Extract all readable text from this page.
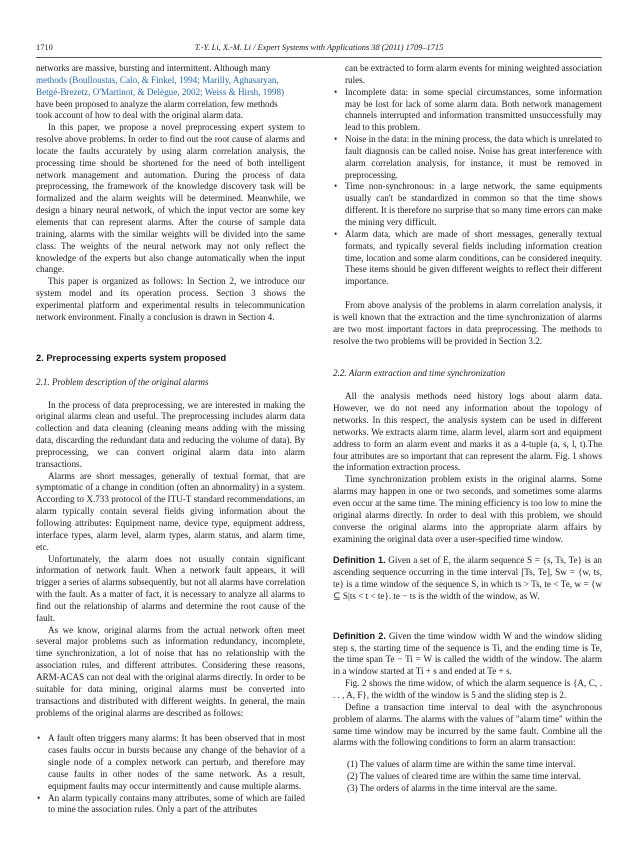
1710	T.-Y. Li, X.-M. Li / Expert Systems with Applications 38 (2011) 1709–1715

networks are massive, bursting and intermittent. Although many
methods (Boulloustas, Calo, & Finkel, 1994; Marilly, Aghasaryan,
Betgé-Brezetz, O'Martinot, & Delègue, 2002; Weiss & Hirsh, 1998)
have been proposed to analyze the alarm correlation, few methods
took account of how to deal with the original alarm data.

In this paper, we propose a novel preprocessing expert system to resolve above problems. In order to find out the root cause of alarms and locate the faults accurately by using alarm correlation analysis, the processing time should be shortened for the need of both intelligent network management and automation. During the process of data preprocessing, the framework of the knowledge discovery task will be formalized and the alarm weights will be determined. Meanwhile, we design a binary neural network, of which the input vector are some key elements that can represent alarms. After the course of sample data training, alarms with the similar weights will be divided into the same class. The weights of the neural network may not only reflect the knowledge of the experts but also change automatically when the input change.

This paper is organized as follows: In Section 2, we introduce our system model and its operation process. Section 3 shows the experimental platform and experimental results in telecommunication network environment. Finally a conclusion is drawn in Section 4.

2. Preprocessing experts system proposed
2.1. Problem description of the original alarms

In the process of data preprocessing, we are interested in making the original alarms clean and useful. The preprocessing includes alarm data collection and data cleaning (cleaning means adding with the missing data, discarding the redundant data and reducing the volume of data). By preprocessing, we can convert original alarm data into alarm transactions.

Alarms are short messages, generally of textual format, that are symptomatic of a change in condition (often an abnormality) in a system. According to X.733 protocol of the ITU-T standard recommendations, an alarm typically contain several fields giving information about the following attributes: Equipment name, device type, equipment address, interface types, alarm level, alarm types, alarm status, and alarm time, etc.

Unfortunately, the alarm does not usually contain significant information of network fault. When a network fault appears, it will trigger a series of alarms subsequently, but not all alarms have correlation with the fault. As a matter of fact, it is necessary to analyze all alarms to find out the relationship of alarms and determine the root cause of the fault.

As we know, original alarms from the actual network often meet several major problems such as information redundancy, incomplete, time synchronization, a lot of noise that has no relationship with the association rules, and different attributes. Considering these reasons, ARM-ACAS can not deal with the original alarms directly. In order to be suitable for data mining, original alarms must be converted into transactions and distributed with different weights. In general, the main problems of the original alarms are described as follows:

• A fault often triggers many alarms: It has been observed that in most cases faults occur in bursts because any change of the behavior of a single node of a complex network can perturb, and therefore may cause faults in other nodes of the same network. As a result, equipment faults may occur intermittently and cause multiple alarms.
• An alarm typically contains many attributes, some of which are failed to mine the association rules. Only a part of the attributes
can be extracted to form alarm events for mining weighted association rules.
• Incomplete data: in some special circumstances, some information may be lost for lack of some alarm data. Both network management channels interrupted and information transmitted unsuccessfully may lead to this problem.
• Noise in the data: in the mining process, the data which is unrelated to fault diagnosis can be called noise. Noise has great interference with alarm correlation analysis, for instance, it must be removed in preprocessing.
• Time non-synchronous: in a large network, the same equipments usually can't be standardized in common so that the time shows different. It is therefore no surprise that so many time errors can make the mining very difficult.
• Alarm data, which are made of short messages, generally textual formats, and typically several fields including information creation time, location and some alarm conditions, can be considered inequity. These items should be given different weights to reflect their different importance.

From above analysis of the problems in alarm correlation analysis, it is well known that the extraction and the time synchronization of alarms are two most important factors in data preprocessing. The methods to resolve the two problems will be provided in Section 3.2.

2.2. Alarm extraction and time synchronization

All the analysis methods need history logs about alarm data. However, we do not need any information about the topology of networks. In this respect, the analysis system can be used in different networks. We extracts alarm time, alarm level, alarm sort and equipment address to form an alarm event and marks it as a 4-tuple (a, s, l, t).The four attributes are so important that can represent the alarm. Fig. 1 shows the information extraction process.

Time synchronization problem exists in the original alarms. Some alarms may happen in one or two seconds, and sometimes some alarms even occur at the same time. The mining efficiency is too low to mine the original alarms directly. In order to deal with this problem, we should converse the original alarms into the appropriate alarm affairs by examining the original data over a user-specified time window.

Definition 1. Given a set of E, the alarm sequence S = {s, Ts, Te} is an ascending sequence occurring in the time interval [Ts, Te], Sw = {w, ts, te} is a time window of the sequence S, in which ts > Ts, te < Te, w = {w ⊆ S|ts < t < te}. te − ts is the width of the window, as W.

Definition 2. Given the time window width W and the window sliding step s, the starting time of the sequence is Ti, and the ending time is Te, the time span Te − Ti = W is called the width of the window. The alarm in a window started at Ti + s and ended at Te + s.

Fig. 2 shows the time widow, of which the alarm sequence is {A, C, . . . , A, F}, the width of the window is 5 and the sliding step is 2.

Define a transaction time interval to deal with the asynchronous problem of alarms. The alarms with the values of "alarm time" within the same time window may be incurred by the same fault. Combine all the alarms with the following conditions to form an alarm transaction:

(1) The values of alarm time are within the same time interval.
(2) The values of cleared time are within the same time interval.
(3) The orders of alarms in the time interval are the same.
